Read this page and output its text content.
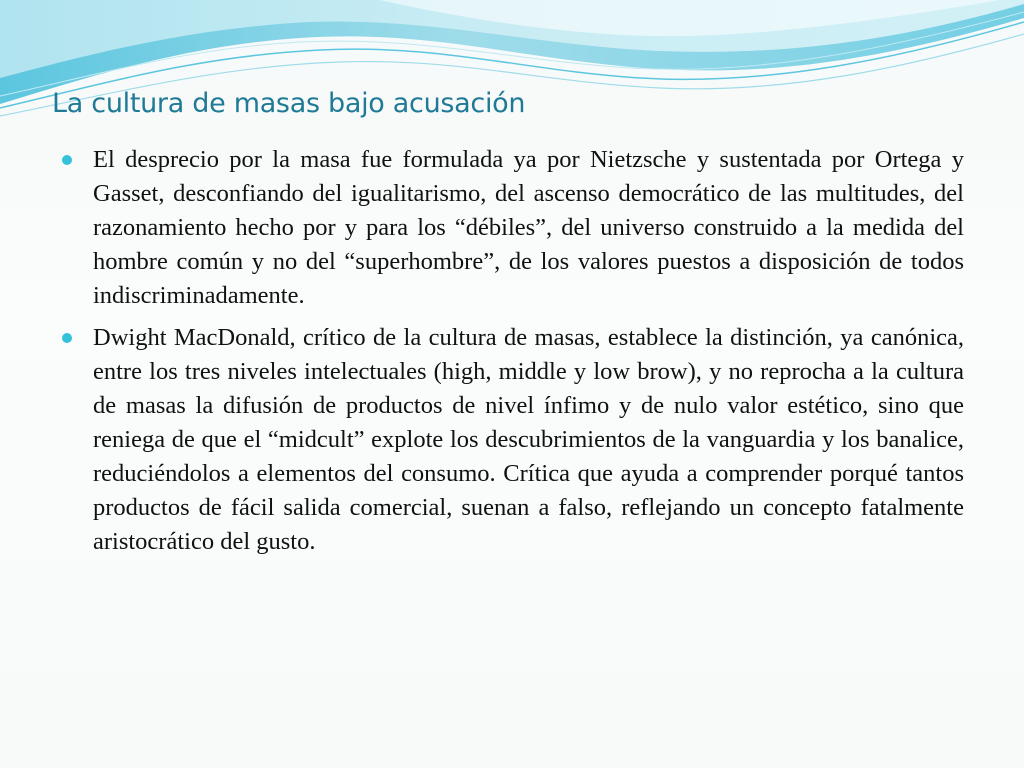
La cultura de masas bajo acusación
El desprecio por la masa fue formulada ya por Nietzsche y sustentada por Ortega y Gasset, desconfiando del igualitarismo, del ascenso democrático de las multitudes, del razonamiento hecho por y para los “débiles”, del universo construido a la medida del hombre común y no del “superhombre”, de los valores puestos a disposición de todos indiscriminadamente.
Dwight MacDonald, crítico de la cultura de masas, establece la distinción, ya canónica, entre los tres niveles intelectuales (high, middle y low brow), y no reprocha a la cultura de masas la difusión de productos de nivel ínfimo y de nulo valor estético, sino que reniega de que el “midcult” explote los descubrimientos de la vanguardia y los banalice, reduciéndolos a elementos del consumo. Crítica que ayuda a comprender porqué tantos productos de fácil salida comercial, suenan a falso, reflejando un concepto fatalmente aristocrático del gusto.
